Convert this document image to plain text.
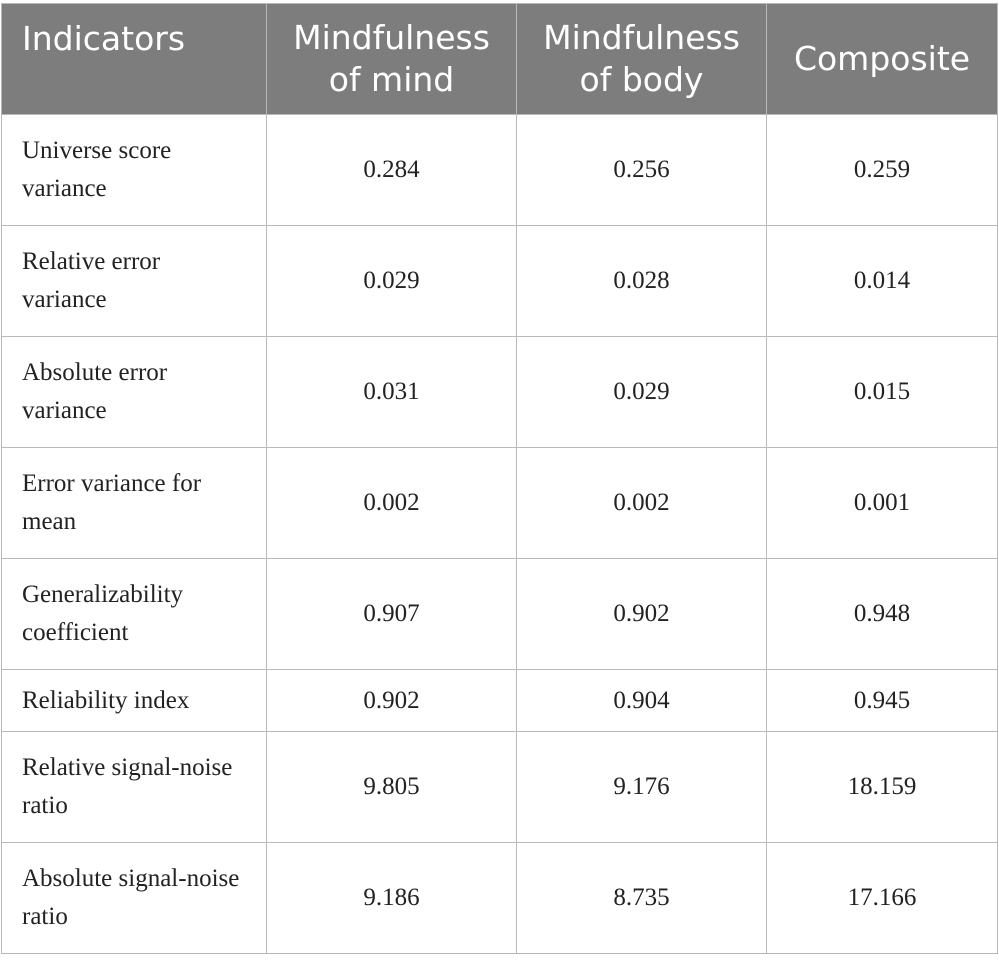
Indicators	Mindfulness of mind	Mindfulness of body	Composite
Universe score variance	0.284	0.256	0.259
Relative error variance	0.029	0.028	0.014
Absolute error variance	0.031	0.029	0.015
Error variance for mean	0.002	0.002	0.001
Generalizability coefficient	0.907	0.902	0.948
Reliability index	0.902	0.904	0.945
Relative signal-noise ratio	9.805	9.176	18.159
Absolute signal-noise ratio	9.186	8.735	17.166
